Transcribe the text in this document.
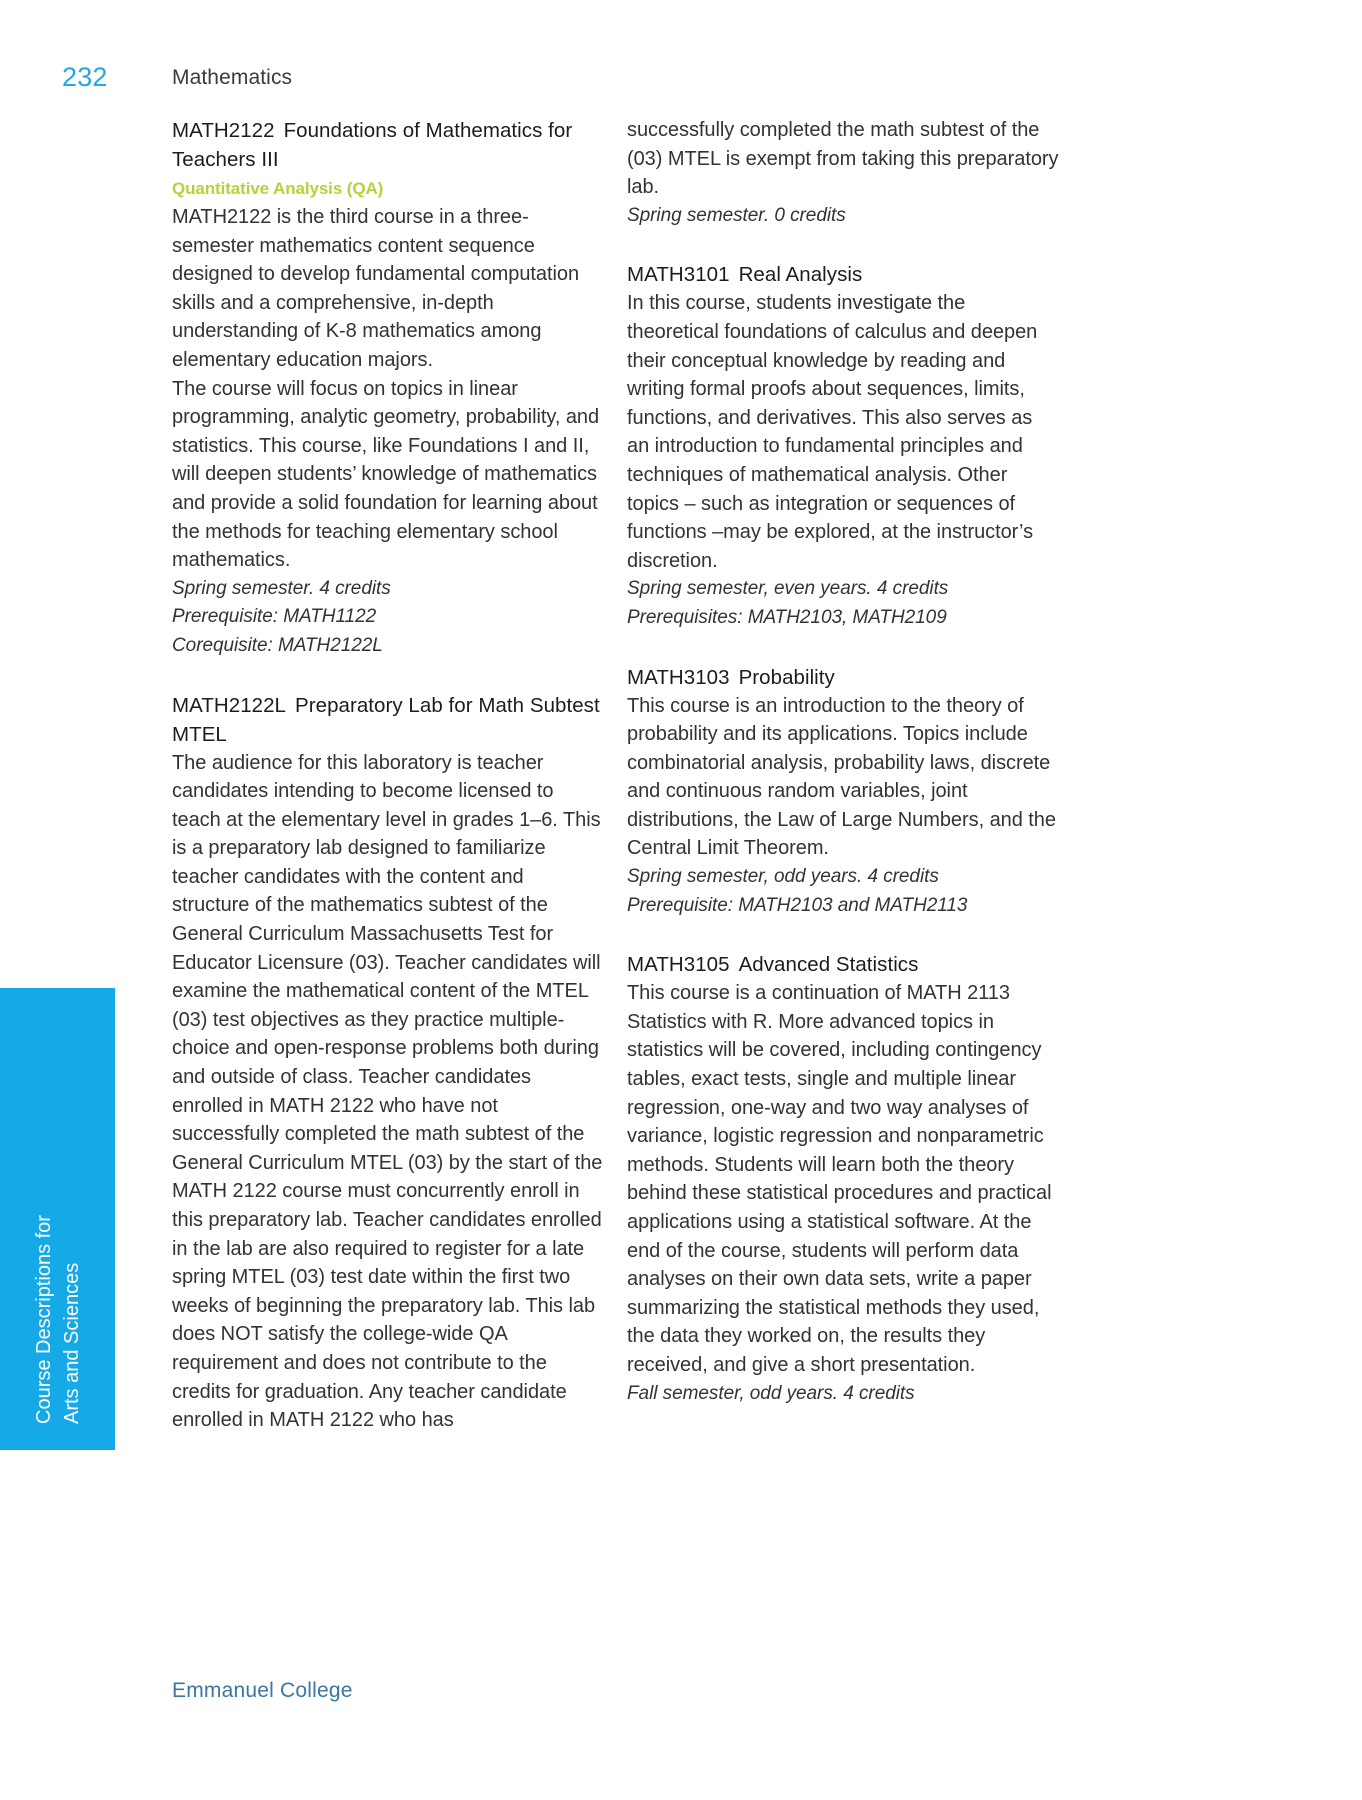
232	Mathematics
Course Descriptions for Arts and Sciences
MATH2122 Foundations of Mathematics for Teachers III
Quantitative Analysis (QA)

MATH2122 is the third course in a three-semester mathematics content sequence designed to develop fundamental computation skills and a comprehensive, in-depth understanding of K-8 mathematics among elementary education majors.

The course will focus on topics in linear programming, analytic geometry, probability, and statistics. This course, like Foundations I and II, will deepen students’ knowledge of mathematics and provide a solid foundation for learning about the methods for teaching elementary school mathematics.

Spring semester. 4 credits
Prerequisite: MATH1122
Corequisite: MATH2122L
MATH2122L Preparatory Lab for Math Subtest MTEL

The audience for this laboratory is teacher candidates intending to become licensed to teach at the elementary level in grades 1–6. This is a preparatory lab designed to familiarize teacher candidates with the content and structure of the mathematics subtest of the General Curriculum Massachusetts Test for Educator Licensure (03). Teacher candidates will examine the mathematical content of the MTEL (03) test objectives as they practice multiple-choice and open-response problems both during and outside of class. Teacher candidates enrolled in MATH 2122 who have not successfully completed the math subtest of the General Curriculum MTEL (03) by the start of the MATH 2122 course must concurrently enroll in this preparatory lab. Teacher candidates enrolled in the lab are also required to register for a late spring MTEL (03) test date within the first two weeks of beginning the preparatory lab. This lab does NOT satisfy the college-wide QA requirement and does not contribute to the credits for graduation. Any teacher candidate enrolled in MATH 2122 who has

successfully completed the math subtest of the (03) MTEL is exempt from taking this preparatory lab.
Spring semester. 0 credits
MATH3101 Real Analysis

In this course, students investigate the theoretical foundations of calculus and deepen their conceptual knowledge by reading and writing formal proofs about sequences, limits, functions, and derivatives. This also serves as an introduction to fundamental principles and techniques of mathematical analysis. Other topics – such as integration or sequences of functions –may be explored, at the instructor’s discretion.

Spring semester, even years. 4 credits
Prerequisites: MATH2103, MATH2109
MATH3103 Probability

This course is an introduction to the theory of probability and its applications. Topics include combinatorial analysis, probability laws, discrete and continuous random variables, joint distributions, the Law of Large Numbers, and the Central Limit Theorem.

Spring semester, odd years. 4 credits
Prerequisite: MATH2103 and MATH2113
MATH3105 Advanced Statistics

This course is a continuation of MATH 2113 Statistics with R. More advanced topics in statistics will be covered, including contingency tables, exact tests, single and multiple linear regression, one-way and two way analyses of variance, logistic regression and nonparametric methods. Students will learn both the theory behind these statistical procedures and practical applications using a statistical software. At the end of the course, students will perform data analyses on their own data sets, write a paper summarizing the statistical methods they used, the data they worked on, the results they received, and give a short presentation.

Fall semester, odd years. 4 credits
Emmanuel College
